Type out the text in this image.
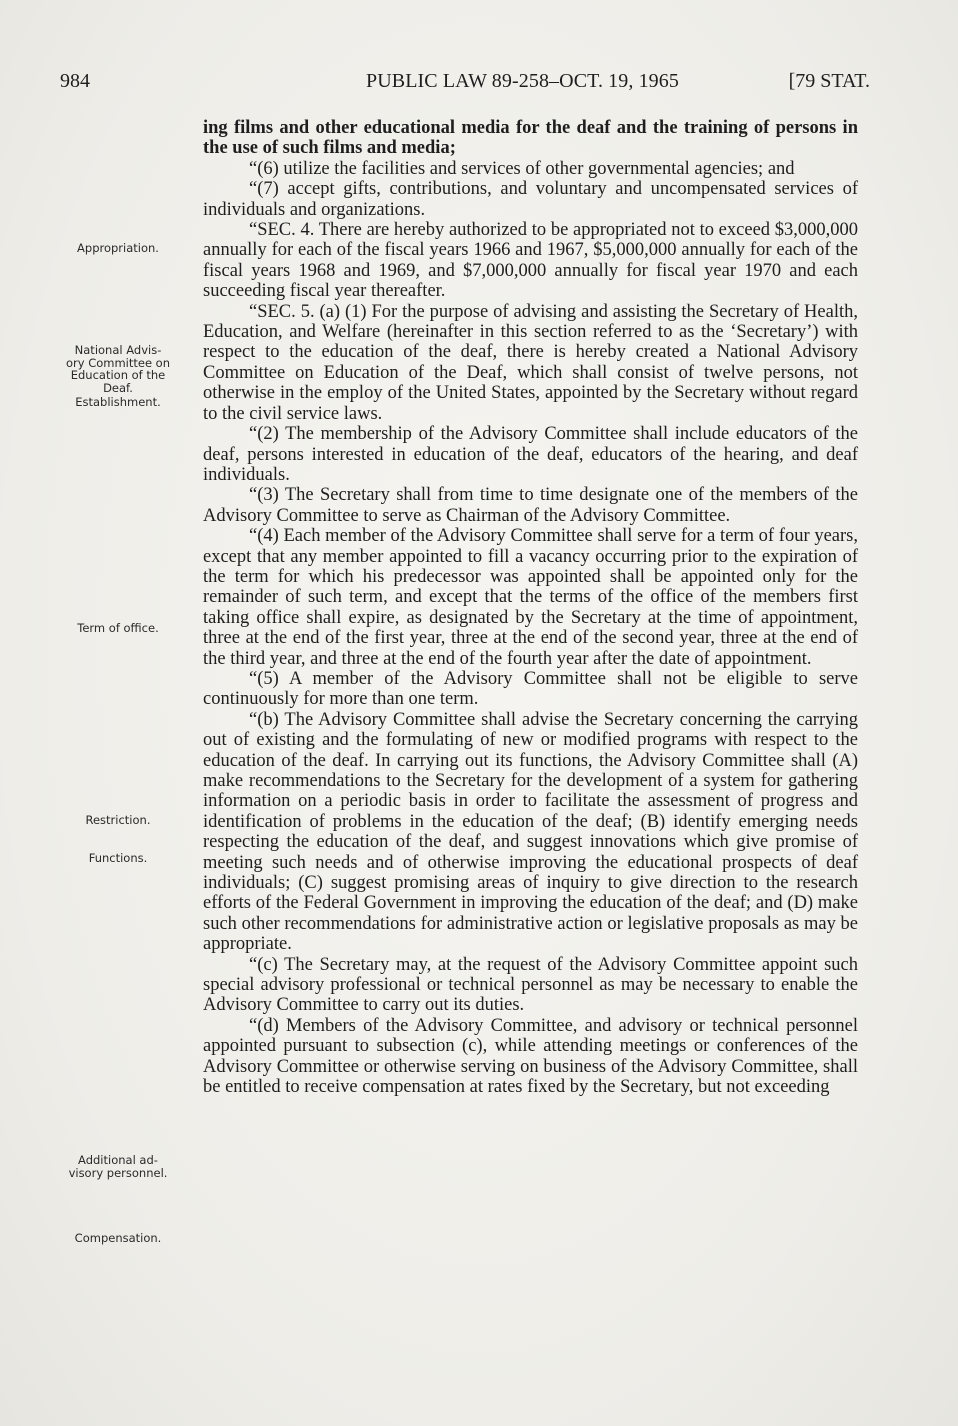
984	PUBLIC LAW 89-258–OCT. 19, 1965	[79 STAT.
Appropriation.
National Advis-
ory Committee on
Education of the
Deaf.
Establishment.
Term of office.
Restriction.
Functions.
Additional ad-
visory personnel.
Compensation.

ing films and other educational media for the deaf and the training of persons in the use of such films and media;

“(6) utilize the facilities and services of other governmental agencies; and

“(7) accept gifts, contributions, and voluntary and uncompensated services of individuals and organizations.

“SEC. 4. There are hereby authorized to be appropriated not to exceed $3,000,000 annually for each of the fiscal years 1966 and 1967, $5,000,000 annually for each of the fiscal years 1968 and 1969, and $7,000,000 annually for fiscal year 1970 and each succeeding fiscal year thereafter.

“SEC. 5. (a) (1) For the purpose of advising and assisting the Secretary of Health, Education, and Welfare (hereinafter in this section referred to as the ‘Secretary’) with respect to the education of the deaf, there is hereby created a National Advisory Committee on Education of the Deaf, which shall consist of twelve persons, not otherwise in the employ of the United States, appointed by the Secretary without regard to the civil service laws.

“(2) The membership of the Advisory Committee shall include educators of the deaf, persons interested in education of the deaf, educators of the hearing, and deaf individuals.

“(3) The Secretary shall from time to time designate one of the members of the Advisory Committee to serve as Chairman of the Advisory Committee.

“(4) Each member of the Advisory Committee shall serve for a term of four years, except that any member appointed to fill a vacancy occurring prior to the expiration of the term for which his predecessor was appointed shall be appointed only for the remainder of such term, and except that the terms of the office of the members first taking office shall expire, as designated by the Secretary at the time of appointment, three at the end of the first year, three at the end of the second year, three at the end of the third year, and three at the end of the fourth year after the date of appointment.

“(5) A member of the Advisory Committee shall not be eligible to serve continuously for more than one term.

“(b) The Advisory Committee shall advise the Secretary concerning the carrying out of existing and the formulating of new or modified programs with respect to the education of the deaf. In carrying out its functions, the Advisory Committee shall (A) make recommendations to the Secretary for the development of a system for gathering information on a periodic basis in order to facilitate the assessment of progress and identification of problems in the education of the deaf; (B) identify emerging needs respecting the education of the deaf, and suggest innovations which give promise of meeting such needs and of otherwise improving the educational prospects of deaf individuals; (C) suggest promising areas of inquiry to give direction to the research efforts of the Federal Government in improving the education of the deaf; and (D) make such other recommendations for administrative action or legislative proposals as may be appropriate.

“(c) The Secretary may, at the request of the Advisory Committee appoint such special advisory professional or technical personnel as may be necessary to enable the Advisory Committee to carry out its duties.

“(d) Members of the Advisory Committee, and advisory or technical personnel appointed pursuant to subsection (c), while attending meetings or conferences of the Advisory Committee or otherwise serving on business of the Advisory Committee, shall be entitled to receive compensation at rates fixed by the Secretary, but not exceeding
